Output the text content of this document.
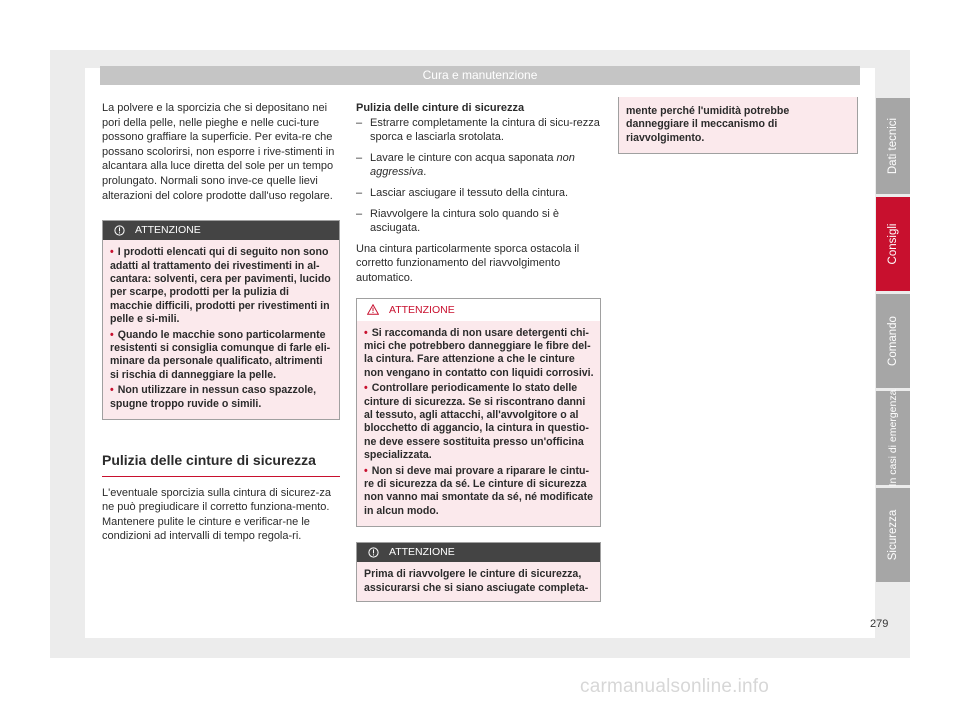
Cura e manutenzione

La polvere e la sporcizia che si depositano nei pori della pelle, nelle pieghe e nelle cuci-ture possono graffiare la superficie. Per evita-re che possano scolorirsi, non esporre i rive-stimenti in alcantara alla luce diretta del sole per un tempo prolungato. Normali sono inve-ce quelle lievi alterazioni del colore prodotte dall'uso regolare.

ATTENZIONE
• I prodotti elencati qui di seguito non sono adatti al trattamento dei rivestimenti in al-cantara: solventi, cera per pavimenti, lucido per scarpe, prodotti per la pulizia di macchie difficili, prodotti per rivestimenti in pelle e si-mili.
• Quando le macchie sono particolarmente resistenti si consiglia comunque di farle eli-minare da personale qualificato, altrimenti si rischia di danneggiare la pelle.
• Non utilizzare in nessun caso spazzole, spugne troppo ruvide o simili.
Pulizia delle cinture di sicurezza

L'eventuale sporcizia sulla cintura di sicurez-za ne può pregiudicare il corretto funziona-mento. Mantenere pulite le cinture e verificar-ne le condizioni ad intervalli di tempo regola-ri.

Pulizia delle cinture di sicurezza

– Estrarre completamente la cintura di sicu-rezza sporca e lasciarla srotolata.
– Lavare le cinture con acqua saponata non aggressiva.
– Lasciar asciugare il tessuto della cintura.
– Riavvolgere la cintura solo quando si è asciugata.

Una cintura particolarmente sporca ostacola il corretto funzionamento del riavvolgimento automatico.

ATTENZIONE
• Si raccomanda di non usare detergenti chi-mici che potrebbero danneggiare le fibre del-la cintura. Fare attenzione a che le cinture non vengano in contatto con liquidi corrosivi.
• Controllare periodicamente lo stato delle cinture di sicurezza. Se si riscontrano danni al tessuto, agli attacchi, all'avvolgitore o al blocchetto di aggancio, la cintura in questio-ne deve essere sostituita presso un'officina specializzata.
• Non si deve mai provare a riparare le cintu-re di sicurezza da sé. Le cinture di sicurezza non vanno mai smontate da sé, né modificate in alcun modo.
ATTENZIONE
Prima di riavvolgere le cinture di sicurezza, assicurarsi che si siano asciugate completa-
mente perché l'umidità potrebbe danneggiare il meccanismo di riavvolgimento.	Dati tecnici
Consigli
Comando
In casi di emergenza
Sicurezza
279
carmanualsonline.info
